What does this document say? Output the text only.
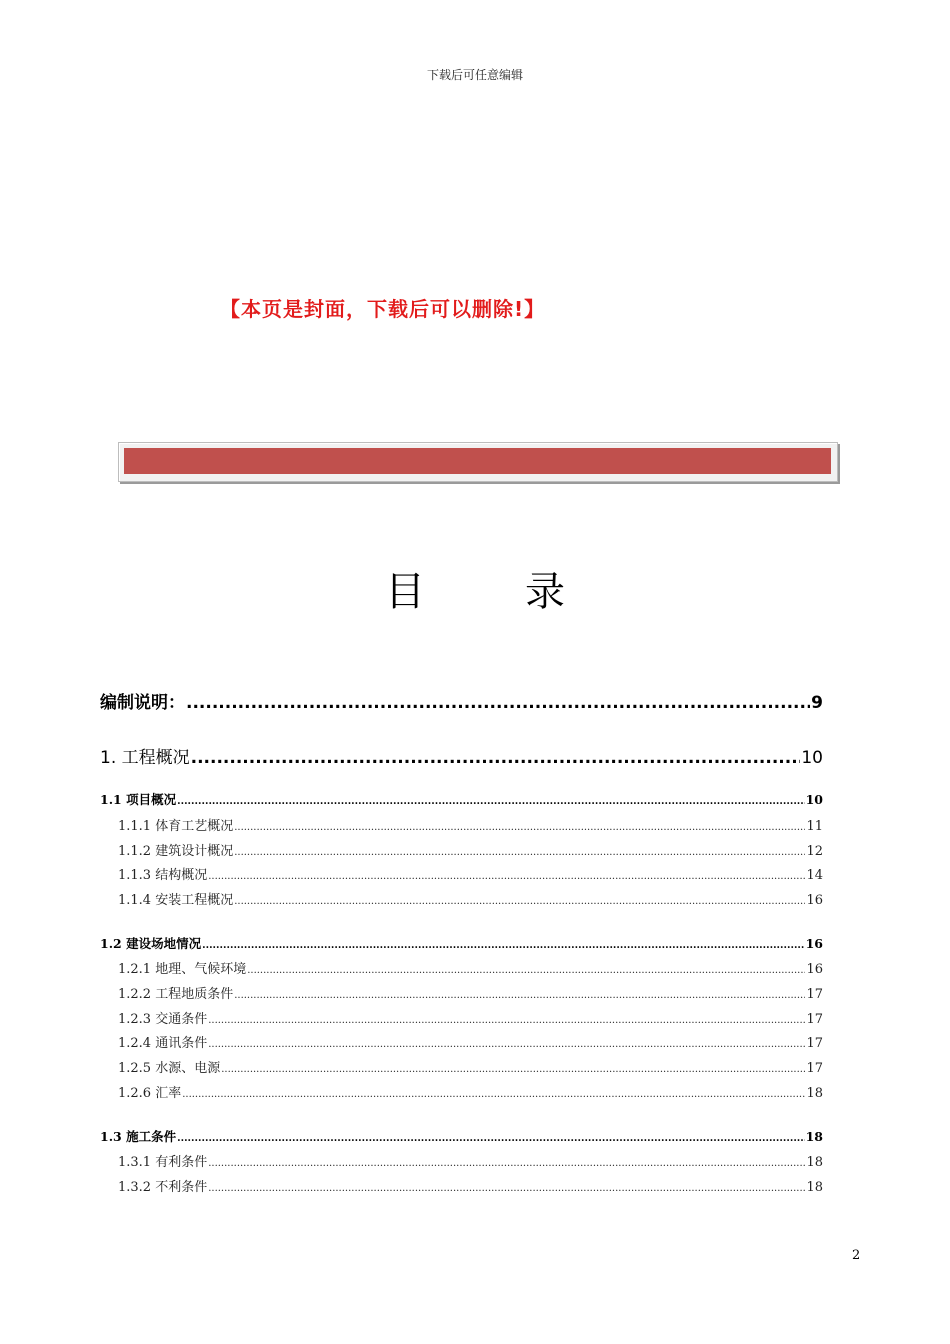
下载后可任意编辑
【本页是封面，下载后可以删除!】
目	录
编制说明： .....	9
1. 工程概况 .....	10
1.1 项目概况 .....	10
1.1.1 体育工艺概况 .....	11
1.1.2 建筑设计概况 .....	12
1.1.3 结构概况 .....	14
1.1.4 安装工程概况 .....	16
1.2 建设场地情况 .....	16
1.2.1 地理、气候环境 .....	16
1.2.2 工程地质条件 .....	17
1.2.3 交通条件 .....	17
1.2.4 通讯条件 .....	17
1.2.5 水源、电源 .....	17
1.2.6 汇率 .....	18
1.3 施工条件 .....	18
1.3.1 有利条件 .....	18
1.3.2 不利条件 .....	18
2
